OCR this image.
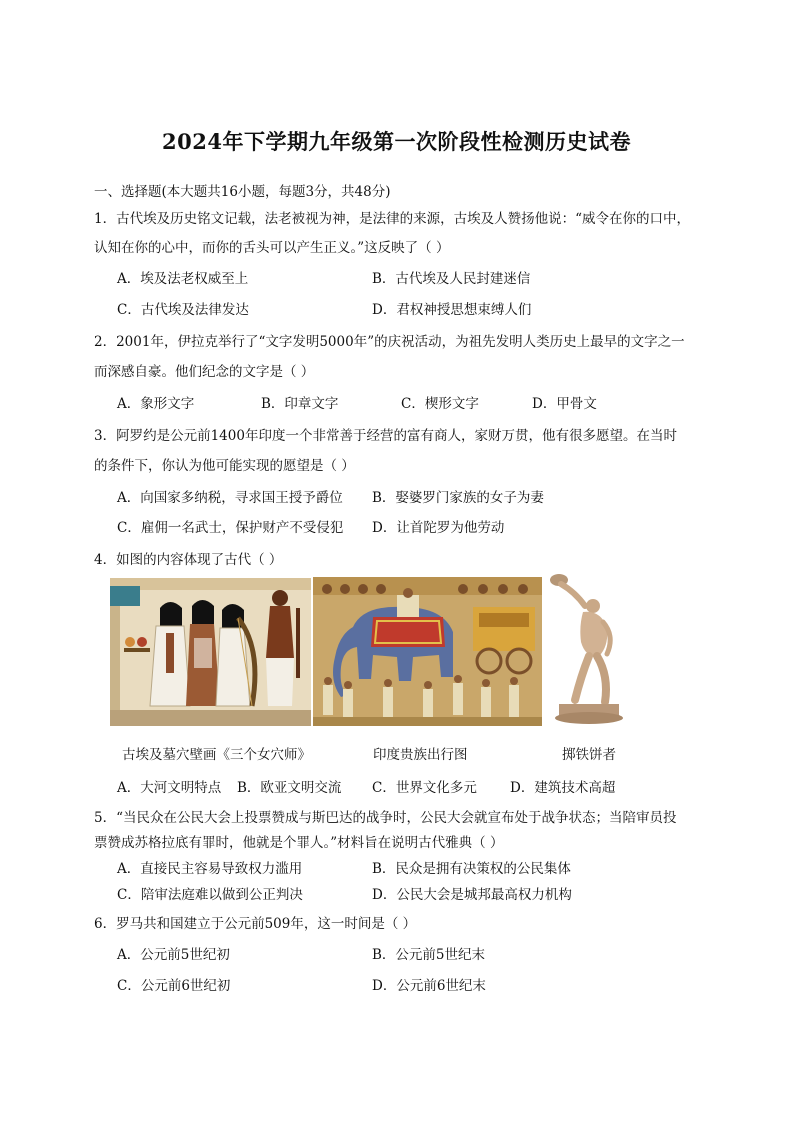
2024年下学期九年级第一次阶段性检测历史试卷
一、选择题(本大题共16小题，每题3分，共48分)
1．古代埃及历史铭文记载，法老被视为神，是法律的来源，古埃及人赞扬他说：“威令在你的口中，
认知在你的心中，而你的舌头可以产生正义。”这反映了（ ）
A．埃及法老权威至上	B．古代埃及人民封建迷信
C．古代埃及法律发达	D．君权神授思想束缚人们
2．2001年，伊拉克举行了“文字发明5000年”的庆祝活动，为祖先发明人类历史上最早的文字之一
而深感自豪。他们纪念的文字是（ ）
A．象形文字	B．印章文字	C．楔形文字	D．甲骨文
3．阿罗约是公元前1400年印度一个非常善于经营的富有商人，家财万贯，他有很多愿望。在当时
的条件下，你认为他可能实现的愿望是（ ）
A．向国家多纳税，寻求国王授予爵位 B．娶婆罗门家族的女子为妻
C．雇佣一名武士，保护财产不受侵犯 D．让首陀罗为他劳动
4．如图的内容体现了古代（ ）
古埃及墓穴壁画《三个女穴师》	印度贵族出行图	掷铁饼者
A．大河文明特点 B．欧亚文明交流 C．世界文化多元 D．建筑技术高超
5．“当民众在公民大会上投票赞成与斯巴达的战争时，公民大会就宣布处于战争状态；当陪审员投
票赞成苏格拉底有罪时，他就是个罪人。”材料旨在说明古代雅典（ ）
A．直接民主容易导致权力滥用	B．民众是拥有决策权的公民集体
C．陪审法庭难以做到公正判决	D．公民大会是城邦最高权力机构
6．罗马共和国建立于公元前509年，这一时间是（ ）
A．公元前5世纪初	B．公元前5世纪末
C．公元前6世纪初	D．公元前6世纪末
